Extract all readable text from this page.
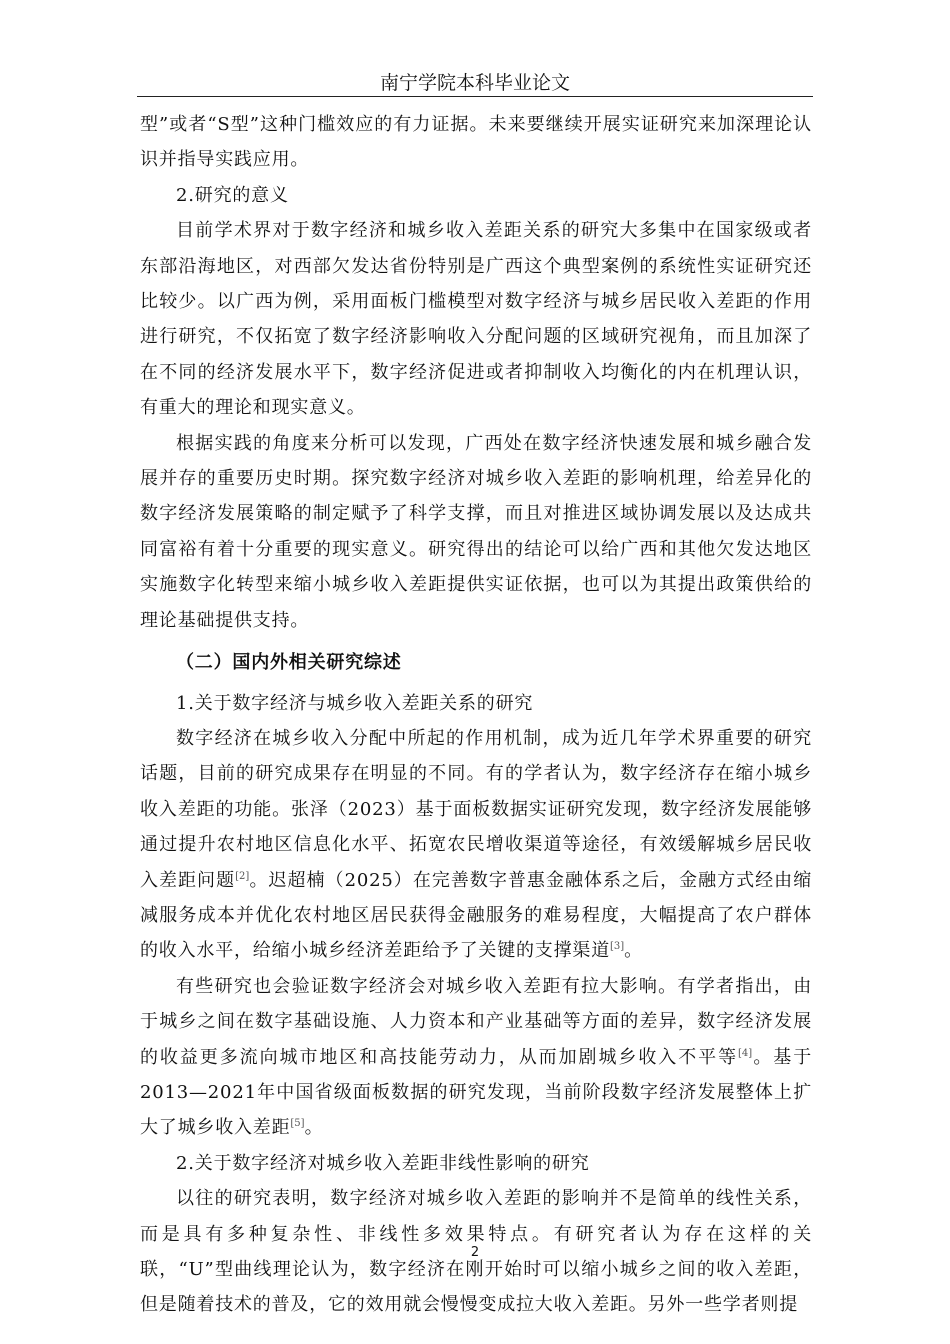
南宁学院本科毕业论文

型”或者“S型”这种门槛效应的有力证据。未来要继续开展实证研究来加深理论认识并指导实践应用。

2.研究的意义

目前学术界对于数字经济和城乡收入差距关系的研究大多集中在国家级或者东部沿海地区，对西部欠发达省份特别是广西这个典型案例的系统性实证研究还比较少。以广西为例，采用面板门槛模型对数字经济与城乡居民收入差距的作用进行研究，不仅拓宽了数字经济影响收入分配问题的区域研究视角，而且加深了在不同的经济发展水平下，数字经济促进或者抑制收入均衡化的内在机理认识，有重大的理论和现实意义。

根据实践的角度来分析可以发现，广西处在数字经济快速发展和城乡融合发展并存的重要历史时期。探究数字经济对城乡收入差距的影响机理，给差异化的数字经济发展策略的制定赋予了科学支撑，而且对推进区域协调发展以及达成共同富裕有着十分重要的现实意义。研究得出的结论可以给广西和其他欠发达地区实施数字化转型来缩小城乡收入差距提供实证依据，也可以为其提出政策供给的理论基础提供支持。

（二）国内外相关研究综述

1.关于数字经济与城乡收入差距关系的研究

数字经济在城乡收入分配中所起的作用机制，成为近几年学术界重要的研究话题，目前的研究成果存在明显的不同。有的学者认为，数字经济存在缩小城乡收入差距的功能。张泽（2023）基于面板数据实证研究发现，数字经济发展能够通过提升农村地区信息化水平、拓宽农民增收渠道等途径，有效缓解城乡居民收入差距问题[2]。迟超楠（2025）在完善数字普惠金融体系之后，金融方式经由缩减服务成本并优化农村地区居民获得金融服务的难易程度，大幅提高了农户群体的收入水平，给缩小城乡经济差距给予了关键的支撑渠道[3]。

有些研究也会验证数字经济会对城乡收入差距有拉大影响。有学者指出，由于城乡之间在数字基础设施、人力资本和产业基础等方面的差异，数字经济发展的收益更多流向城市地区和高技能劳动力，从而加剧城乡收入不平等[4]。基于2013—2021年中国省级面板数据的研究发现，当前阶段数字经济发展整体上扩大了城乡收入差距[5]。

2.关于数字经济对城乡收入差距非线性影响的研究

以往的研究表明，数字经济对城乡收入差距的影响并不是简单的线性关系，而是具有多种复杂性、非线性多效果特点。有研究者认为存在这样的关联，“U”型曲线理论认为，数字经济在刚开始时可以缩小城乡之间的收入差距，但是随着技术的普及，它的效用就会慢慢变成拉大收入差距。另外一些学者则提

2
